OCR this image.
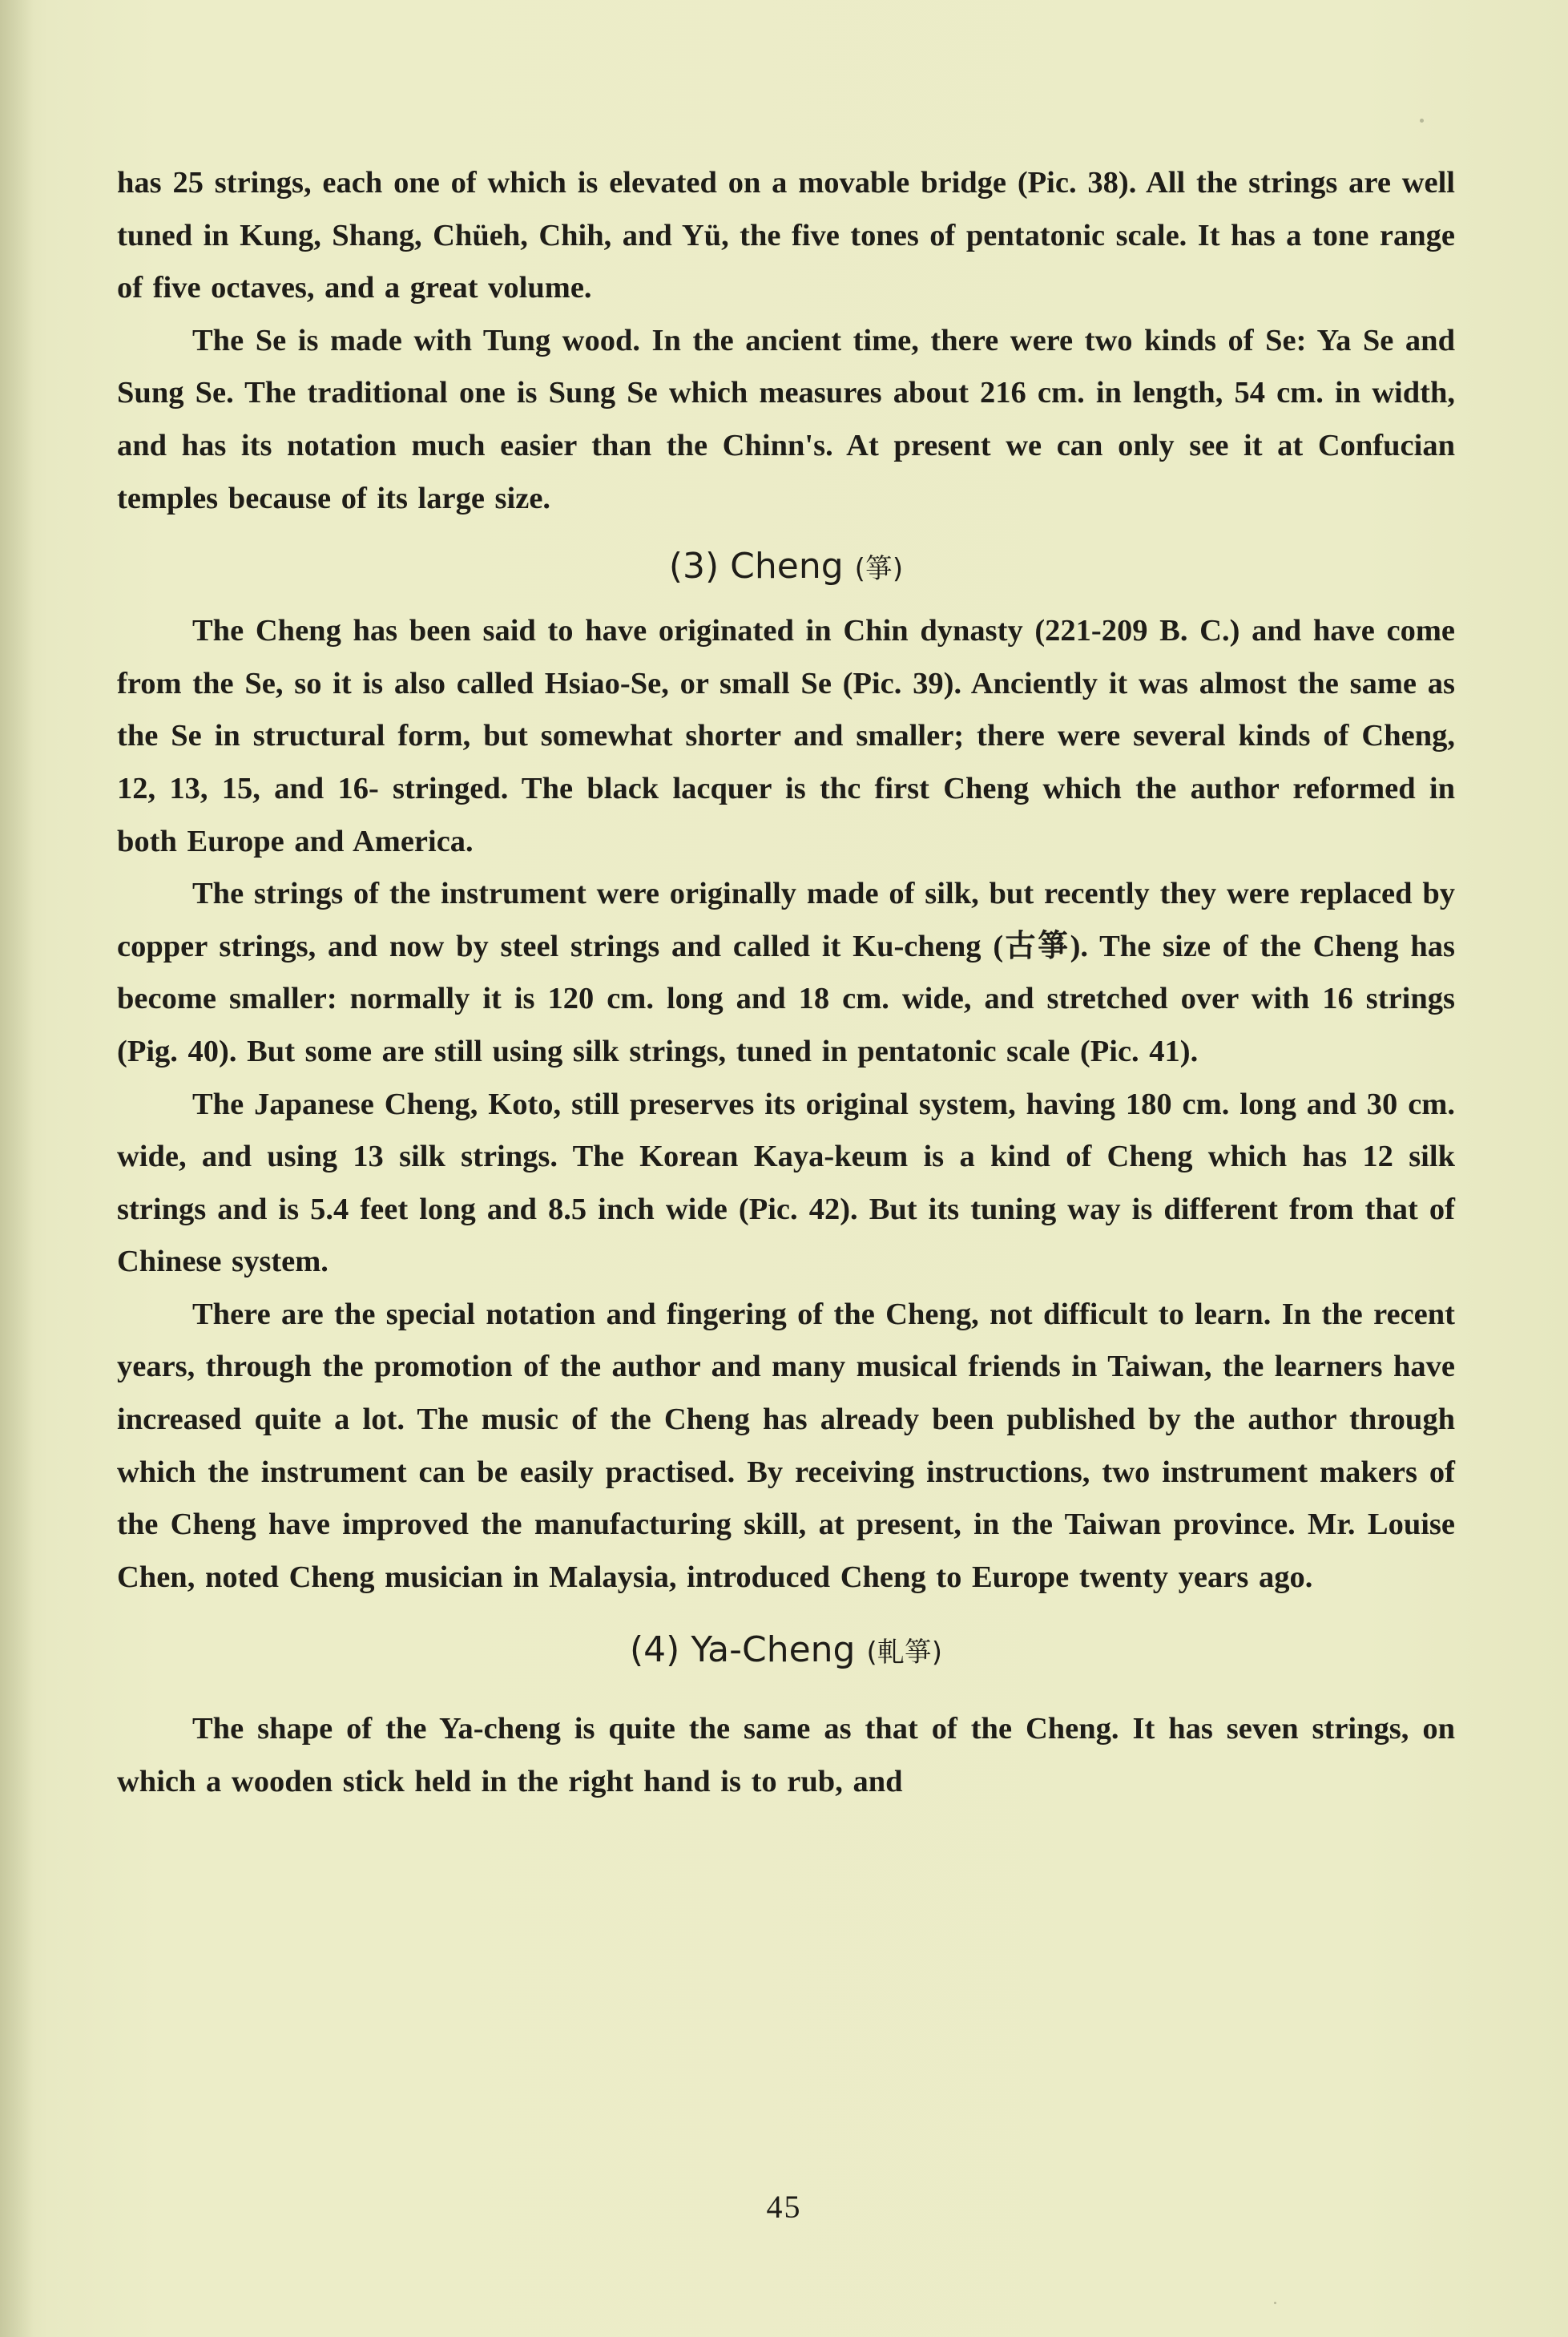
has 25 strings, each one of which is elevated on a movable bridge (Pic. 38). All the strings are well tuned in Kung, Shang, Chüeh, Chih, and Yü, the five tones of pentatonic scale. It has a tone range of five octaves, and a great volume.

The Se is made with Tung wood. In the ancient time, there were two kinds of Se: Ya Se and Sung Se. The traditional one is Sung Se which measures about 216 cm. in length, 54 cm. in width, and has its notation much easier than the Chinn's. At present we can only see it at Confucian temples because of its large size.

(3) Cheng (箏)

The Cheng has been said to have originated in Chin dynasty (221-209 B. C.) and have come from the Se, so it is also called Hsiao-Se, or small Se (Pic. 39). Anciently it was almost the same as the Se in structural form, but somewhat shorter and smaller; there were several kinds of Cheng, 12, 13, 15, and 16- stringed. The black lacquer is thc first Cheng which the author reformed in both Europe and America.

The strings of the instrument were originally made of silk, but recently they were replaced by copper strings, and now by steel strings and called it Ku-cheng (古箏). The size of the Cheng has become smaller: normally it is 120 cm. long and 18 cm. wide, and stretched over with 16 strings (Pig. 40). But some are still using silk strings, tuned in pentatonic scale (Pic. 41).

The Japanese Cheng, Koto, still preserves its original system, having 180 cm. long and 30 cm. wide, and using 13 silk strings. The Korean Kaya-keum is a kind of Cheng which has 12 silk strings and is 5.4 feet long and 8.5 inch wide (Pic. 42). But its tuning way is different from that of Chinese system.

There are the special notation and fingering of the Cheng, not difficult to learn. In the recent years, through the promotion of the author and many musical friends in Taiwan, the learners have increased quite a lot. The music of the Cheng has already been published by the author through which the instrument can be easily practised. By receiving instructions, two instrument makers of the Cheng have improved the manufacturing skill, at present, in the Taiwan province. Mr. Louise Chen, noted Cheng musician in Malaysia, introduced Cheng to Europe twenty years ago.

(4) Ya-Cheng (軋箏)

The shape of the Ya-cheng is quite the same as that of the Cheng. It has seven strings, on which a wooden stick held in the right hand is to rub, and

45
